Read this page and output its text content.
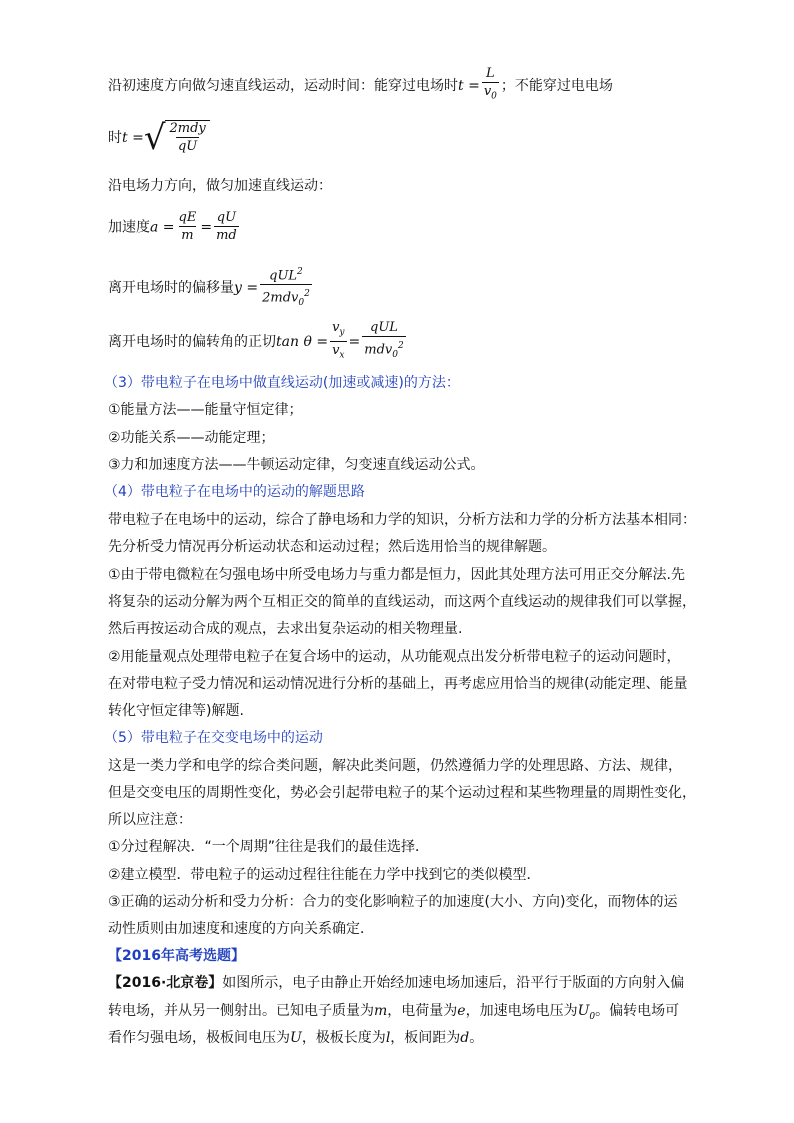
沿初速度方向做匀速直线运动，运动时间：能穿过电场时$t = \frac{L}{v_0}$ ；不能穿过电电场
时t = √ $\frac{\text{2mdy}}{qU}$
沿电场力方向，做匀加速直线运动：
加速度$a = \frac{qE}{m} = \frac{qU}{md}$
离开电场时的偏移量$y = \frac{qUL^2}{2mdv_0^2}$
离开电场时的偏转角的正切$\tan \theta = \frac{v_y}{v_x} = \frac{\text{qUL}}{mdv_0^2}$
（3）带电粒子在电场中做直线运动(加速或减速)的方法：
①能量方法——能量守恒定律；
②功能关系——动能定理；
③力和加速度方法——牛顿运动定律，匀变速直线运动公式。
（4）带电粒子在电场中的运动的解题思路
带电粒子在电场中的运动，综合了静电场和力学的知识，分析方法和力学的分析方法基本相同：
先分析受力情况再分析运动状态和运动过程；然后选用恰当的规律解题。
①由于带电微粒在匀强电场中所受电场力与重力都是恒力，因此其处理方法可用正交分解法.先
将复杂的运动分解为两个互相正交的简单的直线运动，而这两个直线运动的规律我们可以掌握，
然后再按运动合成的观点，去求出复杂运动的相关物理量.
②用能量观点处理带电粒子在复合场中的运动，从功能观点出发分析带电粒子的运动问题时，
在对带电粒子受力情况和运动情况进行分析的基础上，再考虑应用恰当的规律(动能定理、能量
转化守恒定律等)解题.
（5）带电粒子在交变电场中的运动
这是一类力学和电学的综合类问题，解决此类问题，仍然遵循力学的处理思路、方法、规律，
但是交变电压的周期性变化，势必会引起带电粒子的某个运动过程和某些物理量的周期性变化，
所以应注意：
①分过程解决．“一个周期”往往是我们的最佳选择．
②建立模型．带电粒子的运动过程往往能在力学中找到它的类似模型．
③正确的运动分析和受力分析：合力的变化影响粒子的加速度(大小、方向)变化，而物体的运
动性质则由加速度和速度的方向关系确定．
【2016年高考选题】
【2016·北京卷】如图所示，电子由静止开始经加速电场加速后，沿平行于版面的方向射入偏
转电场，并从另一侧射出。已知电子质量为m，电荷量为e，加速电场电压为$U_0$。偏转电场可
看作匀强电场，极板间电压为U，极板长度为l，板间距为d。
